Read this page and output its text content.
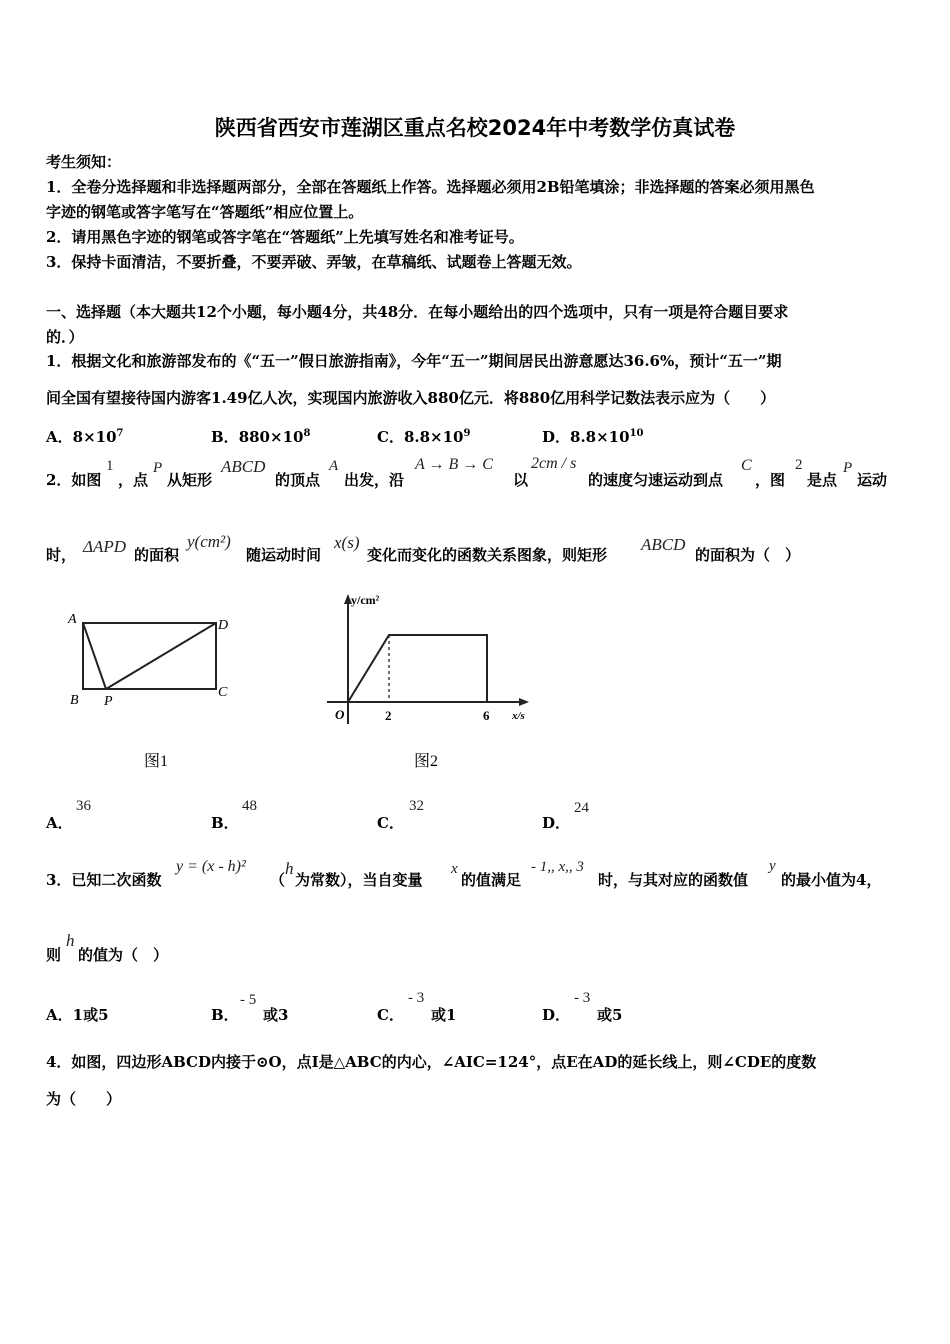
陕西省西安市莲湖区重点名校2024年中考数学仿真试卷
考生须知：
1．全卷分选择题和非选择题两部分，全部在答题纸上作答。选择题必须用2B铅笔填涂；非选择题的答案必须用黑色
字迹的钢笔或答字笔写在“答题纸”相应位置上。
2．请用黑色字迹的钢笔或答字笔在“答题纸”上先填写姓名和准考证号。
3．保持卡面清洁，不要折叠，不要弄破、弄皱，在草稿纸、试题卷上答题无效。
一、选择题（本大题共12个小题，每小题4分，共48分．在每小题给出的四个选项中，只有一项是符合题目要求
的．）
1．根据文化和旅游部发布的《“五一”假日旅游指南》，今年“五一”期间居民出游意愿达36.6%，预计“五一”期
间全国有望接待国内游客1.49亿人次，实现国内旅游收入880亿元．将880亿用科学记数法表示应为（　　）
A．$8\times 10^7$	B．$880\times 10^8$	C．$8.8\times 10^9$	D．$8.8\times 10^{10}$
2．如图
1
，点
P
从矩形
ABCD
的顶点
A
出发，沿
A → B → C
以
2cm / s
的速度匀速运动到点
C
，图
2
是点
P
运动
时， ΔAPD 的面积
y(cm²)
随运动时间
x(s)
变化而变化的函数关系图象，则矩形
ABCD
的面积为（　）
A	D
B P
C
图1
y/cm²
O	2	6 x/s
图2
A．
36
B．
48
C．
32
D．
24
3．已知二次函数
y = (x - h)²
（
h
为常数），当自变量
x
的值满足
- 1,, x,, 3
时，与其对应的函数值
y
的最小值为4，
则
h
的值为（　）
A．1或5	B．
- 5
或3	C．
- 3
或1	D．
- 3
或5
4．如图，四边形ABCD内接于⊙O，点I是△ABC的内心，∠AIC=124°，点E在AD的延长线上，则∠CDE的度数
为（　　）
